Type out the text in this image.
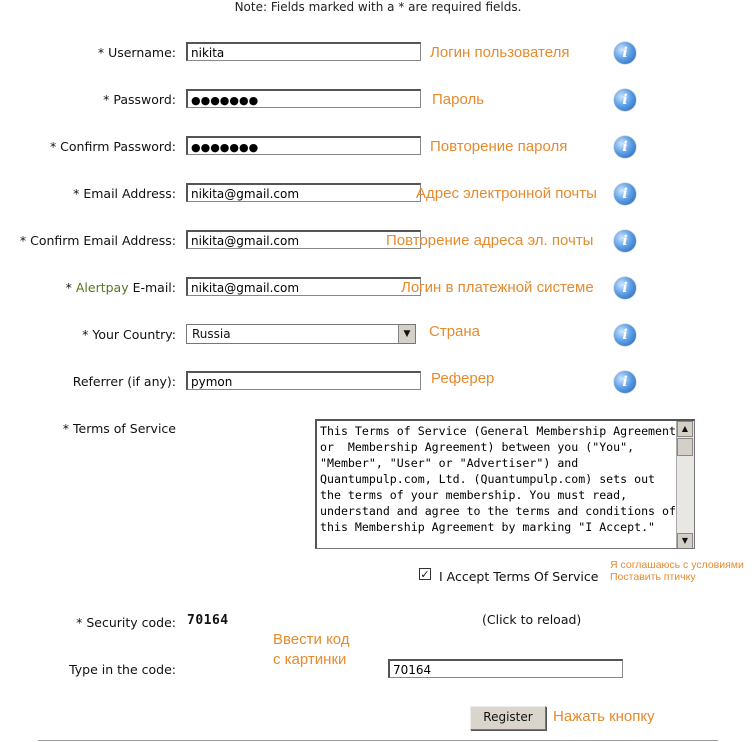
Note: Fields marked with a * are required fields.
* Username:	nikita	Логин пользователя	i
* Password:	●●●●●●●	Пароль	i
* Confirm Password:	●●●●●●●	Повторение пароля	i
* Email Address:	nikita@gmail.com	Адрес электронной почты	i
* Confirm Email Address:	nikita@gmail.com	Повторение адреса эл. почты	i
* Alertpay E-mail:	nikita@gmail.com	Логин в платежной системе	i
* Your Country: Russia	▼	Страна	i
Referrer (if any):	pymon	Реферер	i
* Terms of Service	This Terms of Service (General Membership Agreement or  Membership Agreement) between you ("You", "Member", "User" or "Advertiser") and Quantumpulp.com, Ltd. (Quantumpulp.com) sets out the terms of your membership. You must read, understand and agree to the terms and conditions of this Membership Agreement by marking "I Accept."
▲
▼
✓ I Accept Terms Of Service
Я соглашаюсь с условиями
Поставить птичку
* Security code: 70164	(Click to reload)
Ввести код
с картинки
Type in the code:	70164
Register	Нажать кнопку
